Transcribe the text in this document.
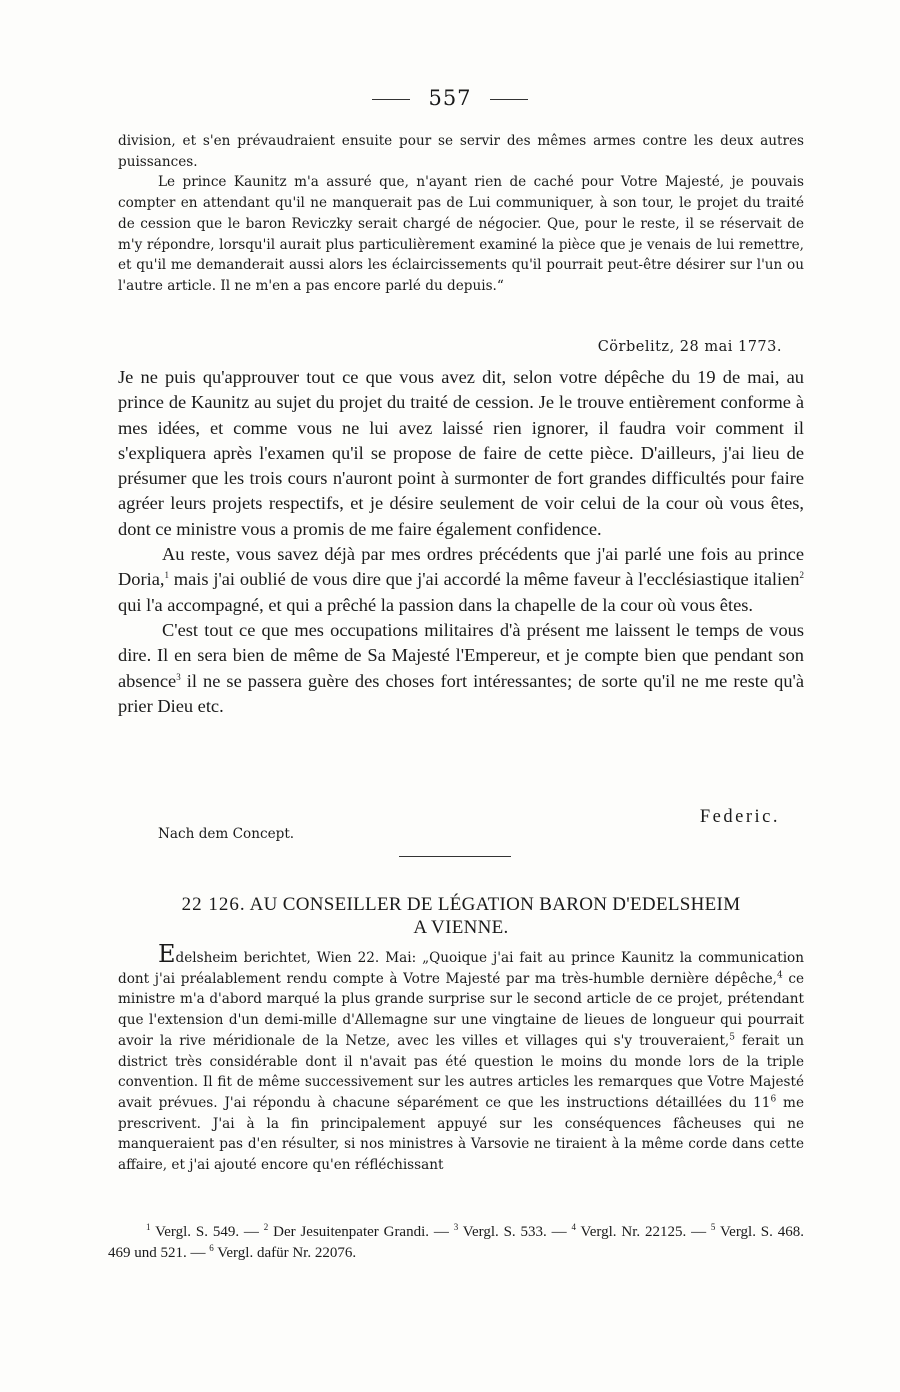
557

division, et s'en prévaudraient ensuite pour se servir des mêmes armes contre les deux autres puissances.

Le prince Kaunitz m'a assuré que, n'ayant rien de caché pour Votre Majesté, je pouvais compter en attendant qu'il ne manquerait pas de Lui communiquer, à son tour, le projet du traité de cession que le baron Reviczky serait chargé de négocier. Que, pour le reste, il se réservait de m'y répondre, lorsqu'il aurait plus particulièrement examiné la pièce que je venais de lui remettre, et qu'il me demanderait aussi alors les éclaircissements qu'il pourrait peut-être désirer sur l'un ou l'autre article. Il ne m'en a pas encore parlé du depuis.“

Cörbelitz, 28 mai 1773.

Je ne puis qu'approuver tout ce que vous avez dit, selon votre dépêche du 19 de mai, au prince de Kaunitz au sujet du projet du traité de cession. Je le trouve entièrement conforme à mes idées, et comme vous ne lui avez laissé rien ignorer, il faudra voir comment il s'expliquera après l'examen qu'il se propose de faire de cette pièce. D'ailleurs, j'ai lieu de présumer que les trois cours n'auront point à surmonter de fort grandes difficultés pour faire agréer leurs projets respectifs, et je désire seulement de voir celui de la cour où vous êtes, dont ce ministre vous a promis de me faire également confidence.

Au reste, vous savez déjà par mes ordres précédents que j'ai parlé une fois au prince Doria,$^1$ mais j'ai oublié de vous dire que j'ai accordé la même faveur à l'ecclésiastique italien$^2$ qui l'a accompagné, et qui a prêché la passion dans la chapelle de la cour où vous êtes.

C'est tout ce que mes occupations militaires d'à présent me laissent le temps de vous dire. Il en sera bien de même de Sa Majesté l'Empereur, et je compte bien que pendant son absence$^3$ il ne se passera guère des choses fort intéressantes; de sorte qu'il ne me reste qu'à prier Dieu etc.

Federic.
Nach dem Concept.
22 126. AU CONSEILLER DE LÉGATION BARON D'EDELSHEIM
A VIENNE.

Edelsheim berichtet, Wien 22. Mai: „Quoique j'ai fait au prince Kaunitz la communication dont j'ai préalablement rendu compte à Votre Majesté par ma très-humble dernière dépêche,$^4$ ce ministre m'a d'abord marqué la plus grande surprise sur le second article de ce projet, prétendant que l'extension d'un demi-mille d'Allemagne sur une vingtaine de lieues de longueur qui pourrait avoir la rive méridionale de la Netze, avec les villes et villages qui s'y trouveraient,$^5$ ferait un district très considérable dont il n'avait pas été question le moins du monde lors de la triple convention. Il fit de même successivement sur les autres articles les remarques que Votre Majesté avait prévues. J'ai répondu à chacune séparément ce que les instructions détaillées du $11^6$ me prescrivent. J'ai à la fin principalement appuyé sur les conséquences fâcheuses qui ne manqueraient pas d'en résulter, si nos ministres à Varsovie ne tiraient à la même corde dans cette affaire, et j'ai ajouté encore qu'en réfléchissant

$^1$ Vergl. S. 549. — $^2$ Der Jesuitenpater Grandi. — $^3$ Vergl. S. 533. — $^4$ Vergl. Nr. 22125. — $^5$ Vergl. S. 468. 469 und 521. — $^6$ Vergl. dafür Nr. 22076.
